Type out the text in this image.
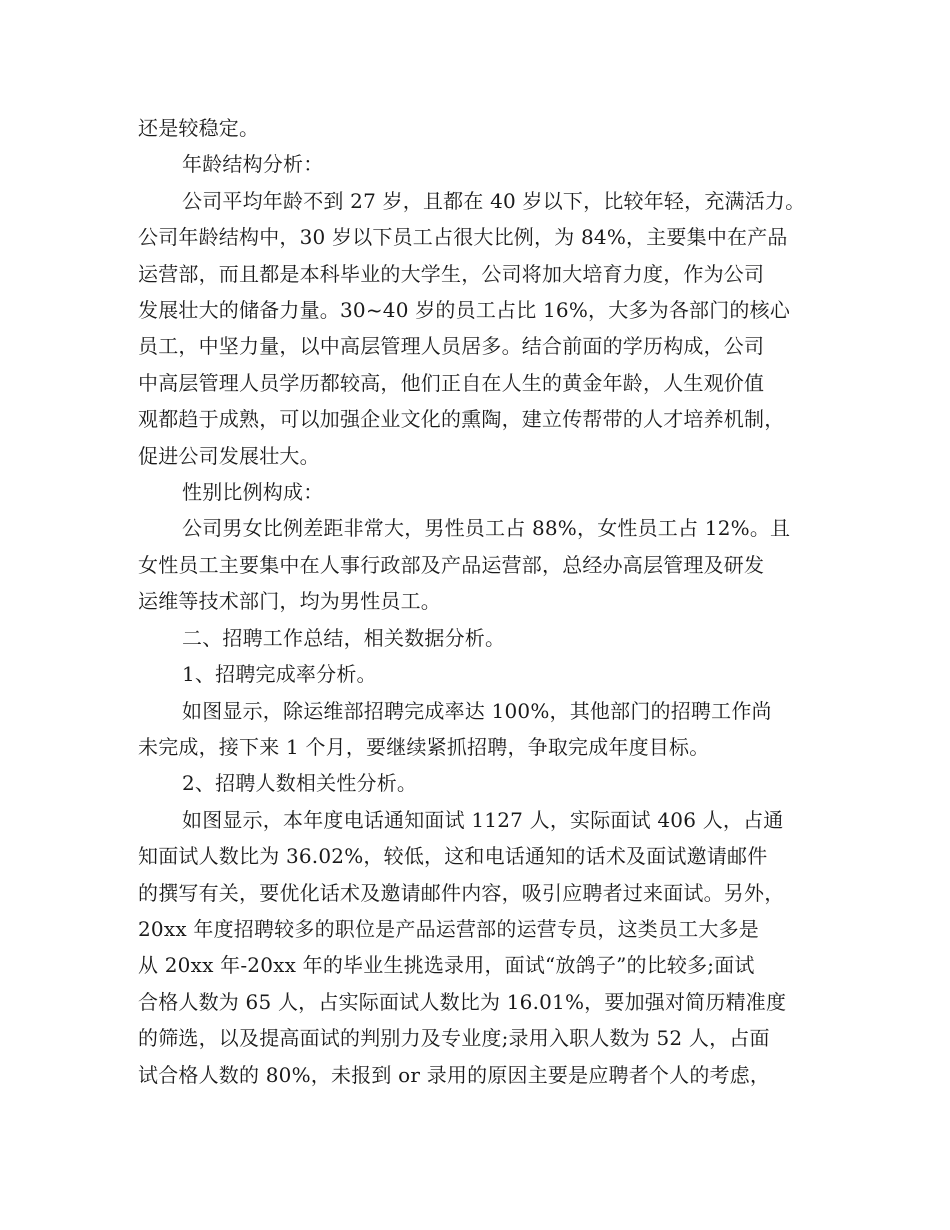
还是较稳定。
年龄结构分析：
公司平均年龄不到 27 岁，且都在 40 岁以下，比较年轻，充满活力。
公司年龄结构中，30 岁以下员工占很大比例，为 84%，主要集中在产品
运营部，而且都是本科毕业的大学生，公司将加大培育力度，作为公司
发展壮大的储备力量。30~40 岁的员工占比 16%，大多为各部门的核心
员工，中坚力量，以中高层管理人员居多。结合前面的学历构成，公司
中高层管理人员学历都较高，他们正自在人生的黄金年龄，人生观价值
观都趋于成熟，可以加强企业文化的熏陶，建立传帮带的人才培养机制，
促进公司发展壮大。
性别比例构成：
公司男女比例差距非常大，男性员工占 88%，女性员工占 12%。且
女性员工主要集中在人事行政部及产品运营部，总经办高层管理及研发
运维等技术部门，均为男性员工。
二、招聘工作总结，相关数据分析。
1、招聘完成率分析。
如图显示，除运维部招聘完成率达 100%，其他部门的招聘工作尚
未完成，接下来 1 个月，要继续紧抓招聘，争取完成年度目标。
2、招聘人数相关性分析。
如图显示，本年度电话通知面试 1127 人，实际面试 406 人，占通
知面试人数比为 36.02%，较低，这和电话通知的话术及面试邀请邮件
的撰写有关，要优化话术及邀请邮件内容，吸引应聘者过来面试。另外，
20xx 年度招聘较多的职位是产品运营部的运营专员，这类员工大多是
从 20xx 年-20xx 年的毕业生挑选录用，面试“放鸽子”的比较多;面试
合格人数为 65 人，占实际面试人数比为 16.01%，要加强对简历精准度
的筛选，以及提高面试的判别力及专业度;录用入职人数为 52 人，占面
试合格人数的 80%，未报到 or 录用的原因主要是应聘者个人的考虑，
